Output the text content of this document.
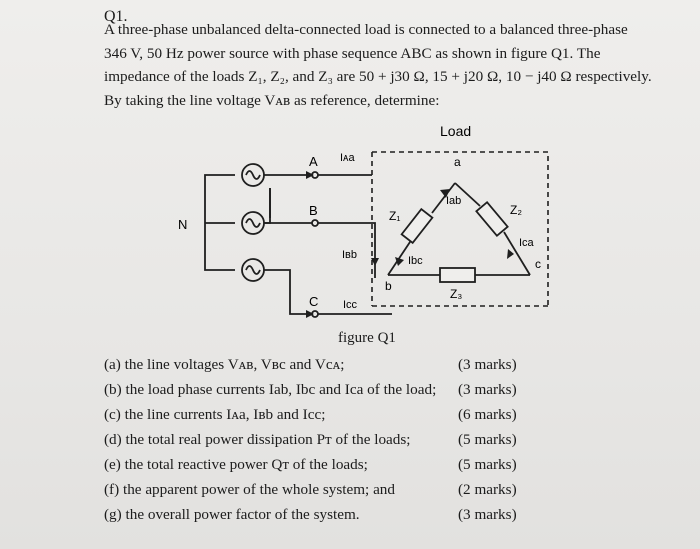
Q1.

A three-phase unbalanced delta-connected load is connected to a balanced three-phase

346 V, 50 Hz power source with phase sequence ABC as shown in figure Q1. The

impedance of the loads Z₁, Z₂, and Z₃ are 50 + j30 Ω, 15 + j20 Ω, 10 − j40 Ω respectively.

By taking the line voltage Vᴀʙ as reference, determine:

Load
N
A
B
C
a
b
c
Iᴀa
Iʙb
Icc
Iab
Ibc
Ica
Z₁	Z₂
Z₃
figure Q1
(a) the line voltages Vᴀʙ, Vʙc and Vcᴀ;	(3 marks)
(b) the load phase currents Iab, Ibc and Ica of the load; (3 marks)
(c) the line currents Iᴀa, Iʙb and Icc;	(6 marks)
(d) the total real power dissipation Pᴛ of the loads;	(5 marks)
(e) the total reactive power Qᴛ of the loads;	(5 marks)
(f) the apparent power of the whole system; and	(2 marks)
(g) the overall power factor of the system.	(3 marks)
